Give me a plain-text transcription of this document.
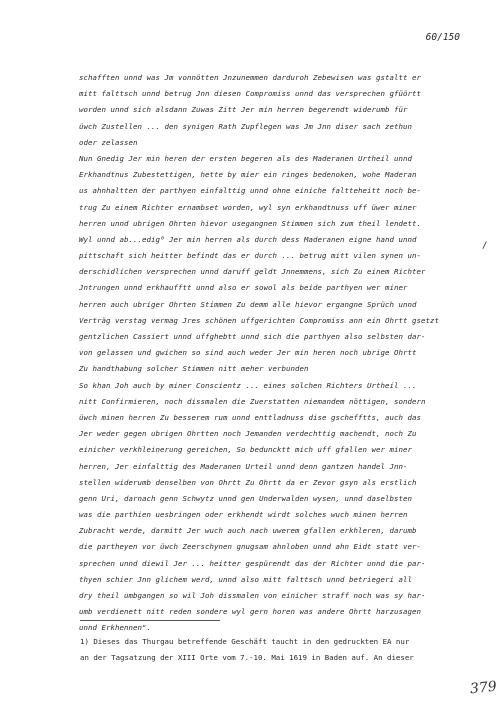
60/150
schafften unnd was Jm vonnötten Jnzunemmen darduroh Zebewisen was gstaltt er
mitt falttsch unnd betrug Jnn diesen Compromiss unnd das versprechen gfüörtt
worden unnd sich alsdann Zuwas Zitt Jer min herren begerendt widerumb für
üwch Zustellen ... den synigen Rath Zupflegen was Jm Jnn diser sach zethun
oder zelassen
Nun Gnedig Jer min heren der ersten begeren als des Maderanen Urtheil unnd
Erkhandtnus Zubestettigen, hette by mier ein ringes bedenoken, wohe Maderan
us ahnhaltten der parthyen einfalttig unnd ohne einiche faltteheitt noch be-
trug Zu einem Richter ernambset worden, wyl syn erkhandtnuss uff üwer miner
herren unnd ubrigen Ohrten hievor usegangnen Stimmen sich zum theil lendett.
Wyl unnd ab...edig⁰ Jer min herren als durch dess Maderanen eigne hand unnd
pittschaft sich heitter befindt das er durch ... betrug mitt vilen synen un-
derschidlichen versprechen unnd daruff geldt Jnnemmens, sich Zu einem Richter
Jntrungen unnd erkhaufftt unnd also er sowol als beide parthyen wer miner
herren auch ubriger Ohrten Stimmen Zu demm alle hievor ergangne Sprüch unnd
Verträg verstag vermag Jres schönen uffgerichten Compromiss ann ein Ohrtt gsetzt
gentzlichen Cassiert unnd uffghebtt unnd sich die parthyen also selbsten dar-
von gelassen und gwichen so sind auch weder Jer min heren noch ubrige Ohrtt
Zu handthabung solcher Stimmen nitt meher verbunden
So khan Joh auch by miner Conscientz ... eines solchen Richters Urtheil ...
nitt Confirmieren, noch dissmalen die Zuerstatten niemandem nöttigen, sondern
üwch minen herren Zu besserem rum unnd enttladnuss dise gschefftts, auch das
Jer weder gegen ubrigen Ohrtten noch Jemanden verdechttig machendt, noch Zu
einicher verkhleinerung gereichen, So beduncktt mich uff gfallen wer miner
herren, Jer einfalttig des Maderanen Urteil unnd denn gantzen handel Jnn-
stellen widerumb denselben von Ohrtt Zu Ohrtt da er Zevor gsyn als erstlich
genn Uri, darnach genn Schwytz unnd gen Underwalden wysen, unnd daselbsten
was die parthien uesbringen oder erkhendt wirdt solches wuch minen herren
Zubracht werde, darmitt Jer wuch auch nach uwerem gfallen erkhleren, darumb
die partheyen vor üwch Zeerschynen gnugsam ahnloben unnd ahn Eidt statt ver-
sprechen unnd diewil Jer ... heitter gespürendt das der Richter unnd die par-
thyen schier Jnn glichem werd, unnd also mitt falttsch unnd betriegeri all
dry theil umbgangen so wil Joh dissmalen von einicher straff noch was sy har-
umb verdienett nitt reden sondere wyl gern horen was andere Ohrtt harzusagen
unnd Erkhennen".
/
1) Dieses das Thurgau betreffende Geschäft taucht in den gedruckten EA nur
an der Tagsatzung der XIII Orte vom 7.-10. Mai 1619 in Baden auf. An dieser
379
